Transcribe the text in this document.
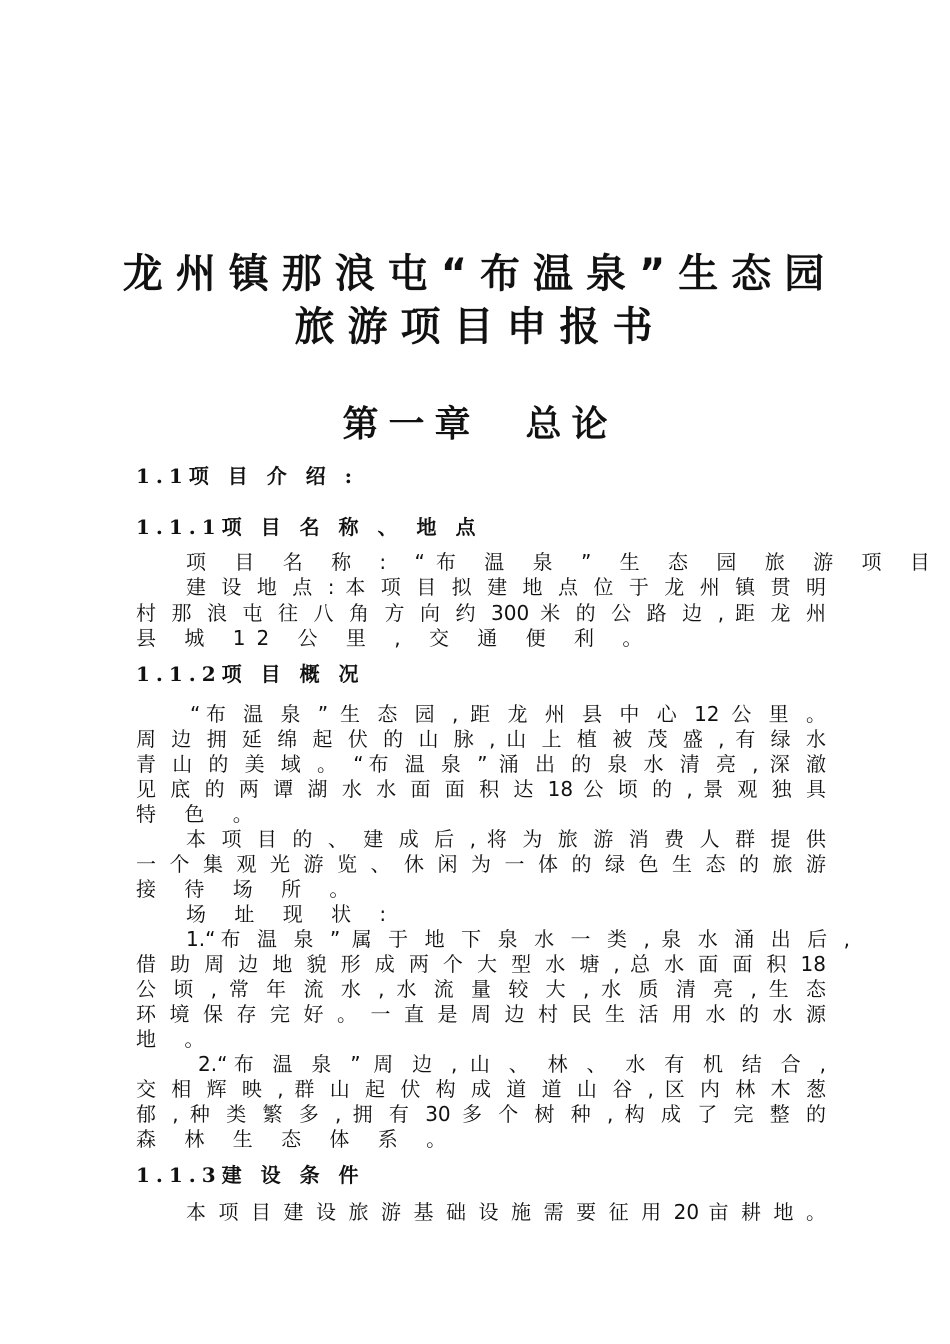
龙州镇那浪屯“布温泉”生态园
旅游项目申报书
第一章  总论
1.1项 目 介 绍 :
1.1.1项 目 名 称 、 地 点
项 目 名 称 : “布 温 泉 ” 生 态 园 旅 游 项 目
建 设 地 点 : 本 项 目 拟 建 地 点 位 于 龙 州 镇 贯 明
村 那 浪 屯 往 八 角 方 向 约 300 米 的 公 路 边 , 距 龙 州
县 城 12 公 里 , 交 通 便 利 。
1.1.2项 目 概 况
“布 温 泉 ” 生 态 园 , 距 龙 州 县 中 心 12 公 里 。
周 边 拥 延 绵 起 伏 的 山 脉 , 山 上 植 被 茂 盛 , 有 绿 水
青 山 的 美 域 。 “布 温 泉 ” 涌 出 的 泉 水 清 亮 , 深 澈
见 底 的 两 谭 湖 水 水 面 面 积 达 18 公 顷 的 , 景 观 独 具
特 色 。
本 项 目 的 、 建 成 后 , 将 为 旅 游 消 费 人 群 提 供
一 个 集 观 光 游 览 、 休 闲 为 一 体 的 绿 色 生 态 的 旅 游
接 待 场 所 。
场 址 现 状 :
1.“布 温 泉 ” 属 于 地 下 泉 水 一 类 , 泉 水 涌 出 后 ,
借 助 周 边 地 貌 形 成 两 个 大 型 水 塘 , 总 水 面 面 积 18
公 顷 , 常 年 流 水 , 水 流 量 较 大 , 水 质 清 亮 , 生 态
环 境 保 存 完 好 。 一 直 是 周 边 村 民 生 活 用 水 的 水 源
地 。
2.“布 温 泉 ” 周 边 , 山 、 林 、 水 有 机 结 合 ,
交 相 辉 映 , 群 山 起 伏 构 成 道 道 山 谷 , 区 内 林 木 葱
郁 , 种 类 繁 多 , 拥 有 30 多 个 树 种 , 构 成 了 完 整 的
森 林 生 态 体 系 。
1.1.3建 设 条 件
本 项 目 建 设 旅 游 基 础 设 施 需 要 征 用 20 亩 耕 地 。
